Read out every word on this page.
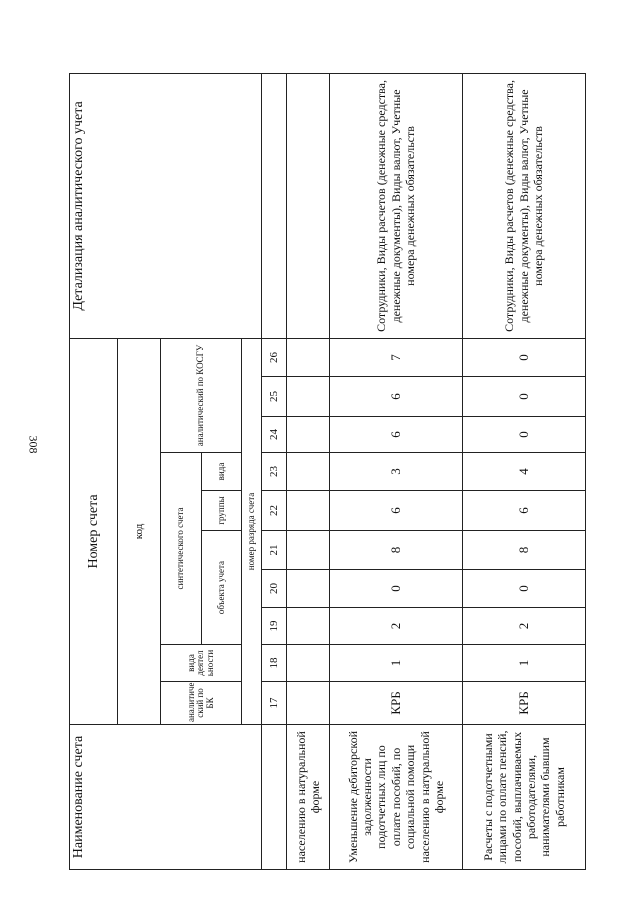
308
Наименование счета	Номер счета										Детализация аналитического учета
	код										
	аналитиче ский по БК	вида деятел ьности	синтетического счета					аналитический по КОСГУ			
			объекта учета			группы	вида				
	номер разряда счета										
	17	18	19	20	21	22	23	24	25	26	
населению в натуральной форме											
Уменьшение дебиторской задолженности подотчетных лиц по оплате пособий, по социальной помощи населению в натуральной форме	КРБ	1	2	0	8	6	3	6	6	7	Сотрудники, Виды расчетов (денежные средства, денежные документы), Виды валют, Учетные номера денежных обязательств
Расчеты с подотчетными лицами по оплате пенсий, пособий, выплачиваемых работодателями, нанимателями бывшим работникам	КРБ	1	2	0	8	6	4	0	0	0	Сотрудники, Виды расчетов (денежные средства, денежные документы), Виды валют, Учетные номера денежных обязательств
